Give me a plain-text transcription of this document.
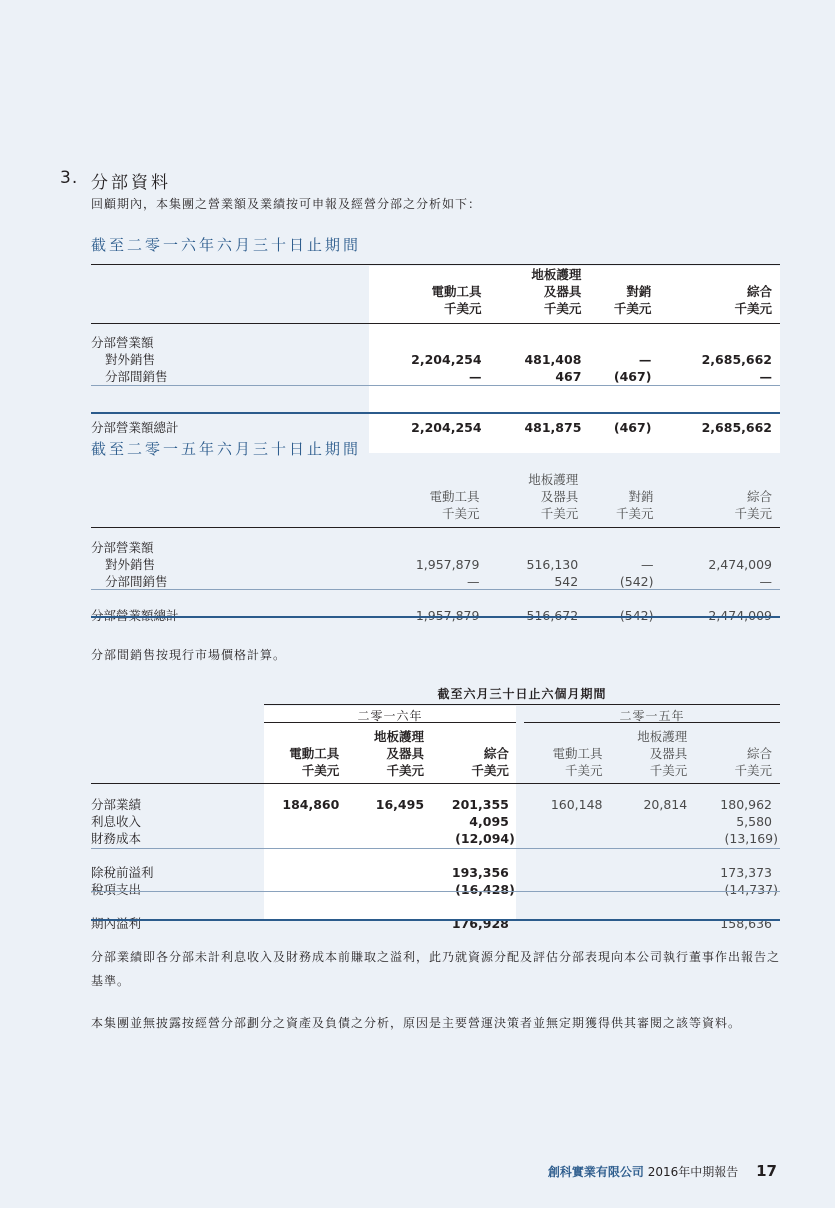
3. 分部資料
回顧期內，本集團之營業額及業績按可申報及經營分部之分析如下：
截至二零一六年六月三十日止期間
		地板護理		
	電動工具	及器具	對銷	綜合
	千美元	千美元	千美元	千美元

分部營業額				
對外銷售	2,204,254	481,408	—	2,685,662
分部間銷售	—	467	(467)	—

分部營業額總計	2,204,254	481,875	(467)	2,685,662

截至二零一五年六月三十日止期間
		地板護理		
	電動工具	及器具	對銷	綜合
	千美元	千美元	千美元	千美元

分部營業額				
對外銷售	1,957,879	516,130	—	2,474,009
分部間銷售	—	542	(542)	—

分部營業額總計	1,957,879	516,672	(542)	2,474,009
分部間銷售按現行市場價格計算。
截至六月三十日止六個月期間
二零一六年	二零一五年
		地板護理			地板護理	
	電動工具	及器具	綜合	電動工具	及器具	綜合
	千美元	千美元	千美元	千美元	千美元	千美元

分部業績	184,860	16,495	201,355	160,148	20,814	180,962
利息收入			4,095			5,580
財務成本			(12,094)			(13,169)

除稅前溢利			193,356			173,373
稅項支出			(16,428)			(14,737)

期內溢利			176,928			158,636
分部業績即各分部未計利息收入及財務成本前賺取之溢利，此乃就資源分配及評估分部表現向本公司執行董事作出報告之基準。
本集團並無披露按經營分部劃分之資產及負債之分析，原因是主要營運決策者並無定期獲得供其審閱之該等資料。
創科實業有限公司 2016年中期報告 17
